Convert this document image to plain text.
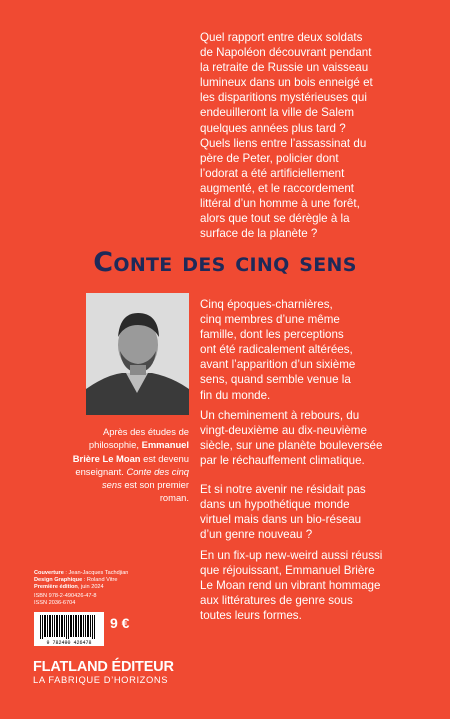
Quel rapport entre deux soldats
de Napoléon découvrant pendant
la retraite de Russie un vaisseau
lumineux dans un bois enneigé et
les disparitions mystérieuses qui
endeuilleront la ville de Salem
quelques années plus tard ?
Quels liens entre l’assassinat du
père de Peter, policier dont
l’odorat a été artificiellement
augmenté, et le raccordement
littéral d’un homme à une forêt,
alors que tout se dérègle à la
surface de la planète ?
Conte des cinq sens
Après des études de philosophie, Emmanuel Brière Le Moan est devenu enseignant. Conte des cinq sens est son premier roman.
Cinq époques-charnières,
cinq membres d’une même
famille, dont les perceptions
ont été radicalement altérées,
avant l’apparition d’un sixième
sens, quand semble venue la
fin du monde.
Un cheminement à rebours, du
vingt-deuxième au dix-neuvième
siècle, sur une planète bouleversée
par le réchauffement climatique.
Et si notre avenir ne résidait pas
dans un hypothétique monde
virtuel mais dans un bio-réseau
d’un genre nouveau ?
En un fix-up new-weird aussi réussi
que réjouissant, Emmanuel Brière
Le Moan rend un vibrant hommage
aux littératures de genre sous
toutes leurs formes.
Couverture : Jean-Jacques Tachdjian
Design Graphique : Roland Vitre
Première édition, juin 2024
ISBN 978-2-490426-47-8
ISSN 2036-6704
9 782490 426478
9 €
FLATLAND ÉDITEUR
LA FABRIQUE D’HORIZONS
